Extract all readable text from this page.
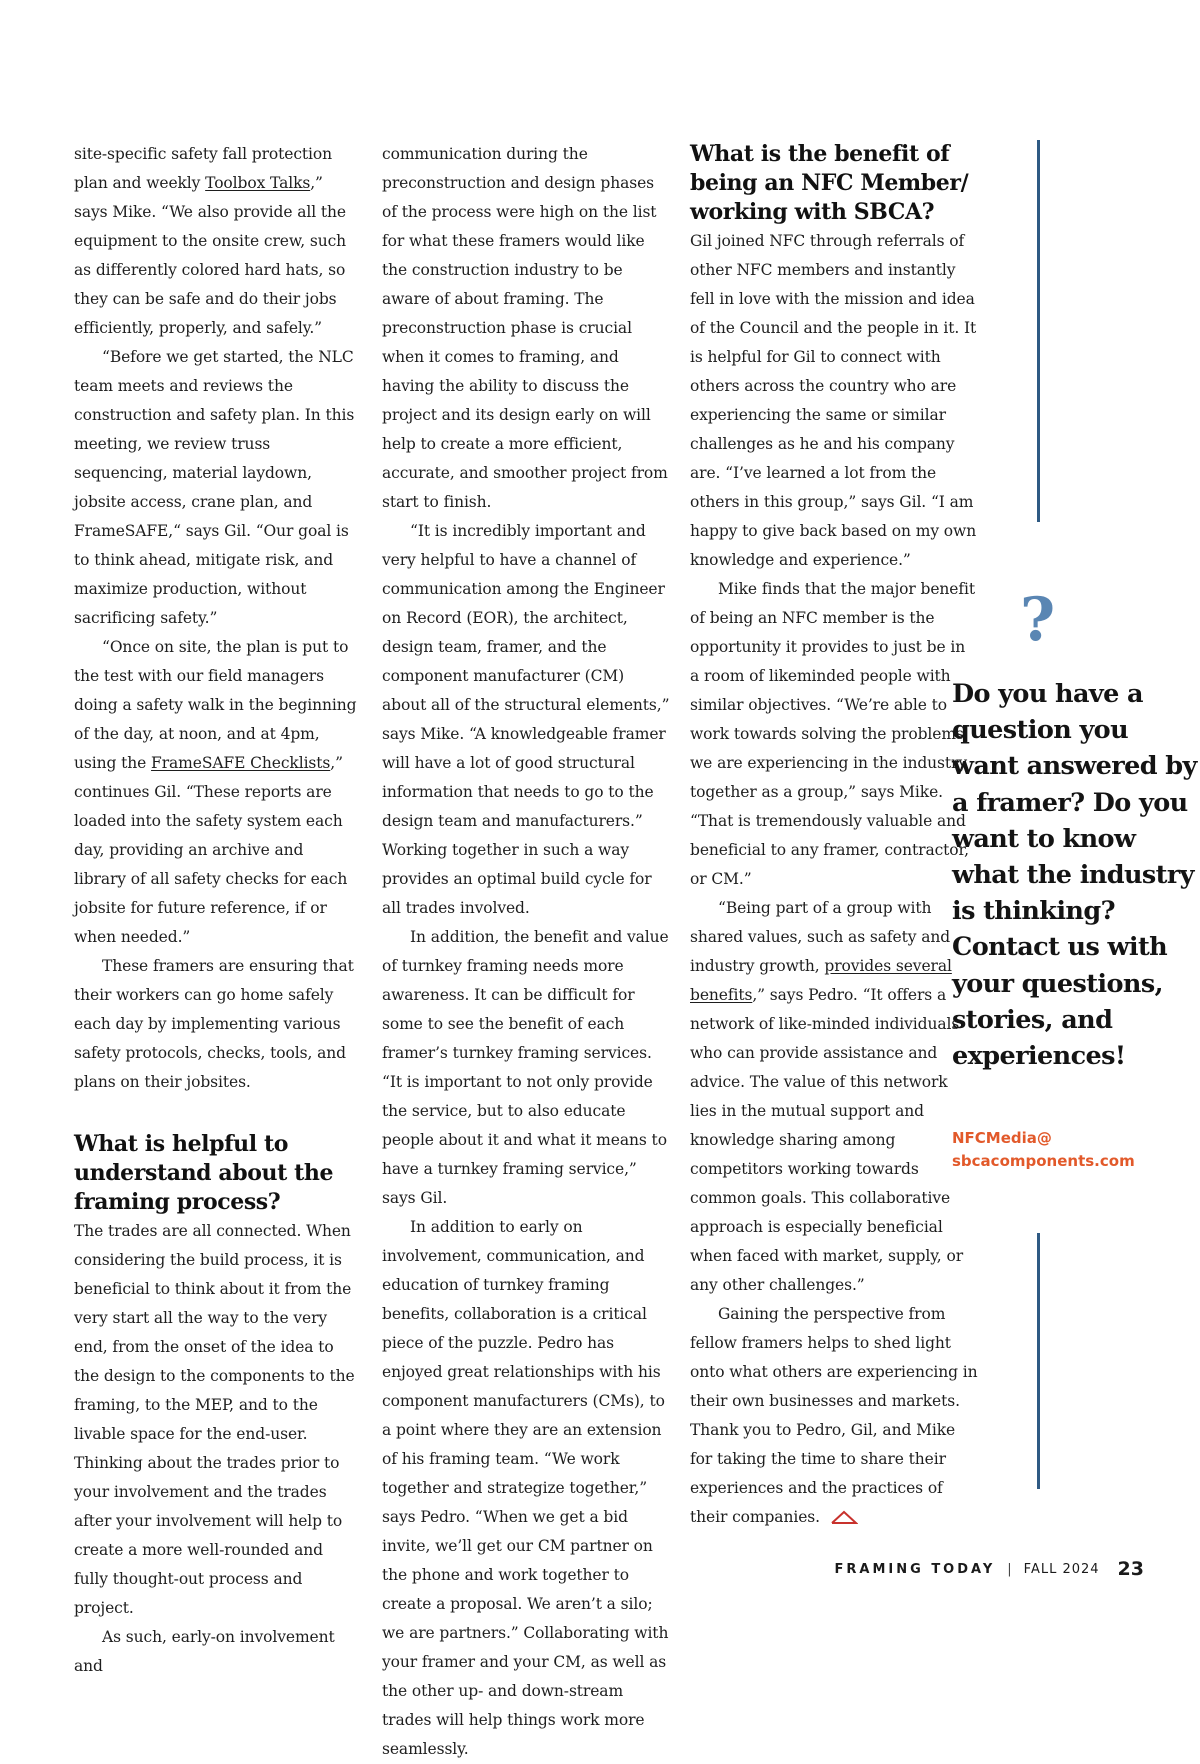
site-specific safety fall protection plan and weekly Toolbox Talks,” says Mike. “We also provide all the equipment to the onsite crew, such as differently colored hard hats, so they can be safe and do their jobs efficiently, properly, and safely.”

“Before we get started, the NLC team meets and reviews the construction and safety plan. In this meeting, we review truss sequencing, material laydown, jobsite access, crane plan, and FrameSAFE,“ says Gil. “Our goal is to think ahead, mitigate risk, and maximize production, without sacrificing safety.”

“Once on site, the plan is put to the test with our field managers doing a safety walk in the beginning of the day, at noon, and at 4pm, using the FrameSAFE Checklists,” continues Gil. “These reports are loaded into the safety system each day, providing an archive and library of all safety checks for each jobsite for future reference, if or when needed.”

These framers are ensuring that their workers can go home safely each day by implementing various safety protocols, checks, tools, and plans on their jobsites.

What is helpful to understand about the framing process?

The trades are all connected. When considering the build process, it is beneficial to think about it from the very start all the way to the very end, from the onset of the idea to the design to the components to the framing, to the MEP, and to the livable space for the end-user. Thinking about the trades prior to your involvement and the trades after your involvement will help to create a more well-rounded and fully thought-out process and project.

As such, early-on involvement and

communication during the preconstruction and design phases of the process were high on the list for what these framers would like the construction industry to be aware of about framing. The preconstruction phase is crucial when it comes to framing, and having the ability to discuss the project and its design early on will help to create a more efficient, accurate, and smoother project from start to finish.

“It is incredibly important and very helpful to have a channel of communication among the Engineer on Record (EOR), the architect, design team, framer, and the component manufacturer (CM) about all of the structural elements,” says Mike. “A knowledgeable framer will have a lot of good structural information that needs to go to the design team and manufacturers.” Working together in such a way provides an optimal build cycle for all trades involved.

In addition, the benefit and value of turnkey framing needs more awareness. It can be difficult for some to see the benefit of each framer’s turnkey framing services. “It is important to not only provide the service, but to also educate people about it and what it means to have a turnkey framing service,” says Gil.

In addition to early on involvement, communication, and education of turnkey framing benefits, collaboration is a critical piece of the puzzle. Pedro has enjoyed great relationships with his component manufacturers (CMs), to a point where they are an extension of his framing team. “We work together and strategize together,” says Pedro. “When we get a bid invite, we’ll get our CM partner on the phone and work together to create a proposal. We aren’t a silo; we are partners.” Collaborating with your framer and your CM, as well as the other up- and down-stream trades will help things work more seamlessly.

What is the benefit of being an NFC Member/ working with SBCA?

Gil joined NFC through referrals of other NFC members and instantly fell in love with the mission and idea of the Council and the people in it. It is helpful for Gil to connect with others across the country who are experiencing the same or similar challenges as he and his company are. “I’ve learned a lot from the others in this group,” says Gil. “I am happy to give back based on my own knowledge and experience.”

Mike finds that the major benefit of being an NFC member is the opportunity it provides to just be in a room of likeminded people with similar objectives. “We’re able to work towards solving the problems we are experiencing in the industry together as a group,” says Mike. “That is tremendously valuable and beneficial to any framer, contractor, or CM.”

“Being part of a group with shared values, such as safety and industry growth, provides several benefits,” says Pedro. “It offers a network of like-minded individuals who can provide assistance and advice. The value of this network lies in the mutual support and knowledge sharing among competitors working towards common goals. This collaborative approach is especially beneficial when faced with market, supply, or any other challenges.”

Gaining the perspective from fellow framers helps to shed light onto what others are experiencing in their own businesses and markets. Thank you to Pedro, Gil, and Mike for taking the time to share their experiences and the practices of their companies.

?

Do you have a question you want answered by a framer? Do you want to know what the industry is thinking? Contact us with your questions, stories, and experiences!

NFCMedia@
sbcacomponents.com
FRAMING TODAY | FALL 2024 23
